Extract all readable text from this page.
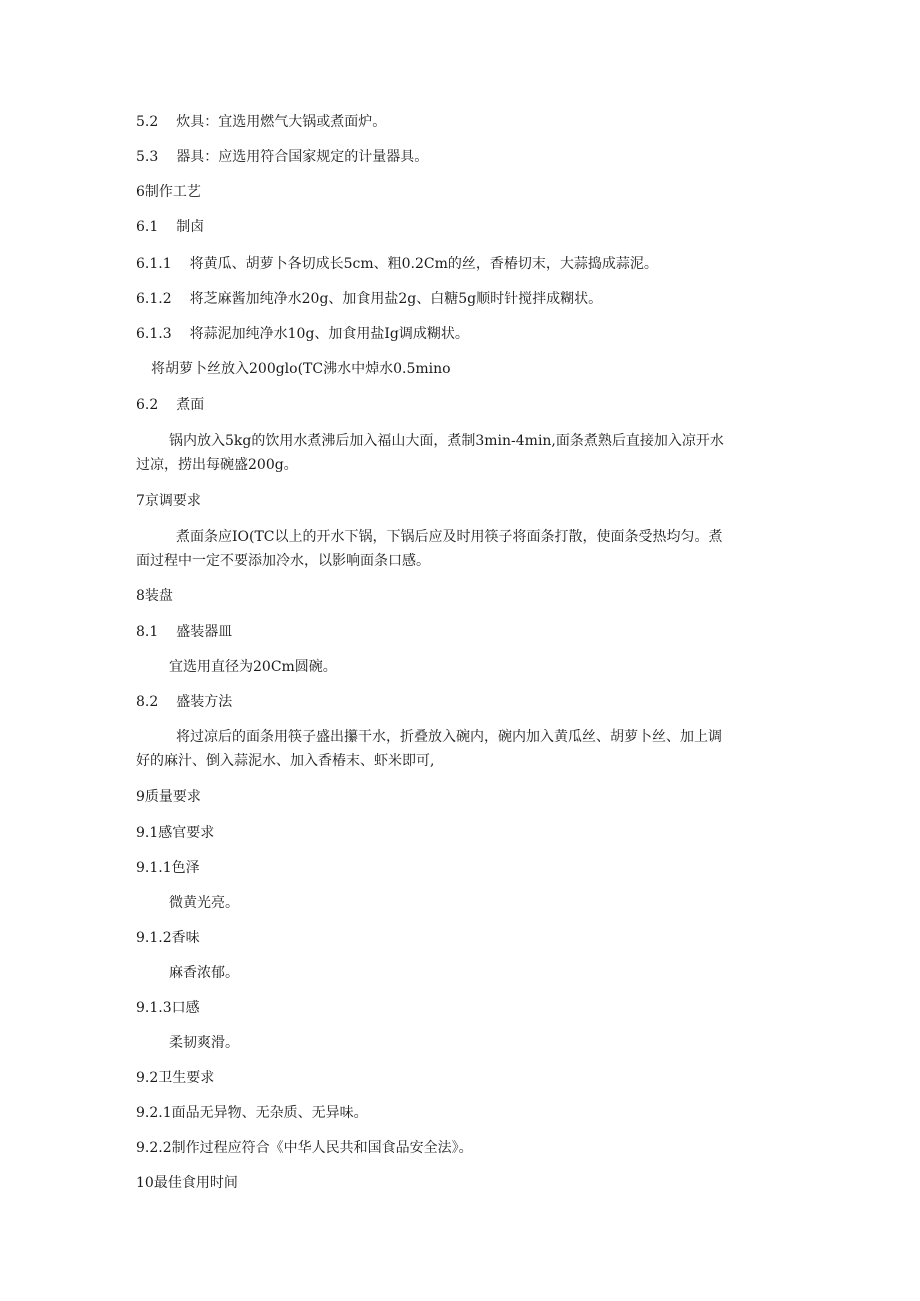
5.2 炊具：宜选用燃气大锅或煮面炉。
5.3 器具：应选用符合国家规定的计量器具。
6制作工艺
6.1 制卤
6.1.1 将黄瓜、胡萝卜各切成长5cm、粗0.2Cm的丝，香椿切末，大蒜捣成蒜泥。
6.1.2 将芝麻酱加纯净水20g、加食用盐2g、白糖5g顺时针搅拌成糊状。
6.1.3 将蒜泥加纯净水10g、加食用盐Ig调成糊状。
将胡萝卜丝放入200glo(TC沸水中焯水0.5mino
6.2 煮面
锅内放入5kg的饮用水煮沸后加入福山大面，煮制3min-4min,面条煮熟后直接加入凉开水
过凉，捞出每碗盛200g。
7京调要求
煮面条应IO(TC以上的开水下锅，下锅后应及时用筷子将面条打散，使面条受热均匀。煮
面过程中一定不要添加冷水，以影响面条口感。
8装盘
8.1 盛装器皿
宜选用直径为20Cm圆碗。
8.2 盛装方法
将过凉后的面条用筷子盛出攥干水，折叠放入碗内，碗内加入黄瓜丝、胡萝卜丝、加上调
好的麻汁、倒入蒜泥水、加入香椿末、虾米即可,
9质量要求
9.1感官要求
9.1.1色泽
微黄光亮。
9.1.2香味
麻香浓郁。
9.1.3口感
柔韧爽滑。
9.2卫生要求
9.2.1面品无异物、无杂质、无异味。
9.2.2制作过程应符合《中华人民共和国食品安全法》。
10最佳食用时间
